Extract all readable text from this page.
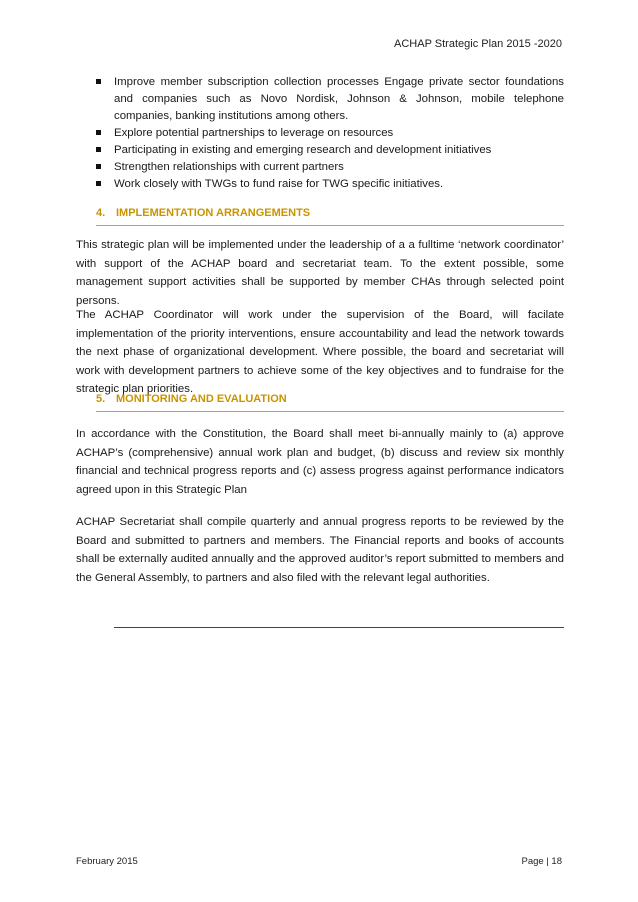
ACHAP Strategic Plan 2015 -2020
Improve member subscription collection processes Engage private sector foundations and companies such as Novo Nordisk, Johnson & Johnson, mobile telephone companies, banking institutions among others.
Explore potential partnerships to leverage on resources
Participating in existing and emerging research and development initiatives
Strengthen relationships with current partners
Work closely with TWGs to fund raise for TWG specific initiatives.
4. IMPLEMENTATION ARRANGEMENTS

This strategic plan will be implemented under the leadership of a a fulltime ‘network coordinator’ with support of the ACHAP board and secretariat team. To the extent possible, some management support activities shall be supported by member CHAs through selected point persons.

The ACHAP Coordinator will work under the supervision of the Board, will facilate implementation of the priority interventions, ensure accountability and lead the network towards the next phase of organizational development. Where possible, the board and secretariat will work with development partners to achieve some of the key objectives and to fundraise for the strategic plan priorities.

5. MONITORING AND EVALUATION

In accordance with the Constitution, the Board shall meet bi-annually mainly to (a) approve ACHAP’s (comprehensive) annual work plan and budget, (b) discuss and review six monthly financial and technical progress reports and (c) assess progress against performance indicators agreed upon in this Strategic Plan

ACHAP Secretariat shall compile quarterly and annual progress reports to be reviewed by the Board and submitted to partners and members. The Financial reports and books of accounts shall be externally audited annually and the approved auditor’s report submitted to members and the General Assembly, to partners and also filed with the relevant legal authorities.

February 2015	Page | 18
